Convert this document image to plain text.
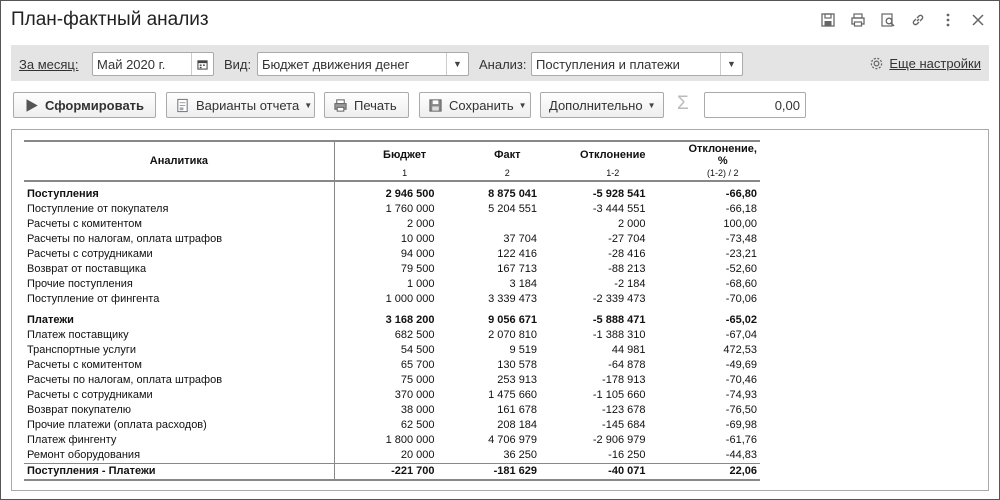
План-фактный анализ
За месяц: Май 2020 г.	Вид: Бюджет движения денег	▼	Анализ: Поступления и платежи	▼	Еще настройки
Сформировать	Варианты отчета ▼	Печать	Сохранить ▼ Дополнительно ▼ Σ	0,00
Аналитика	Бюджет	Факт	Отклонение	Отклонение, %
	1	2	1-2	(1-2) / 2

Поступления	2 946 500	8 875 041	-5 928 541	-66,80
Поступление от покупателя	1 760 000	5 204 551	-3 444 551	-66,18
Расчеты с комитентом	2 000		2 000	100,00
Расчеты по налогам, оплата штрафов	10 000	37 704	-27 704	-73,48
Расчеты с сотрудниками	94 000	122 416	-28 416	-23,21
Возврат от поставщика	79 500	167 713	-88 213	-52,60
Прочие поступления	1 000	3 184	-2 184	-68,60
Поступление от фингента	1 000 000	3 339 473	-2 339 473	-70,06

Платежи	3 168 200	9 056 671	-5 888 471	-65,02
Платеж поставщику	682 500	2 070 810	-1 388 310	-67,04
Транспортные услуги	54 500	9 519	44 981	472,53
Расчеты с комитентом	65 700	130 578	-64 878	-49,69
Расчеты по налогам, оплата штрафов	75 000	253 913	-178 913	-70,46
Расчеты с сотрудниками	370 000	1 475 660	-1 105 660	-74,93
Возврат покупателю	38 000	161 678	-123 678	-76,50
Прочие платежи (оплата расходов)	62 500	208 184	-145 684	-69,98
Платеж фингенту	1 800 000	4 706 979	-2 906 979	-61,76
Ремонт оборудования	20 000	36 250	-16 250	-44,83
Поступления - Платежи	-221 700	-181 629	-40 071	22,06
